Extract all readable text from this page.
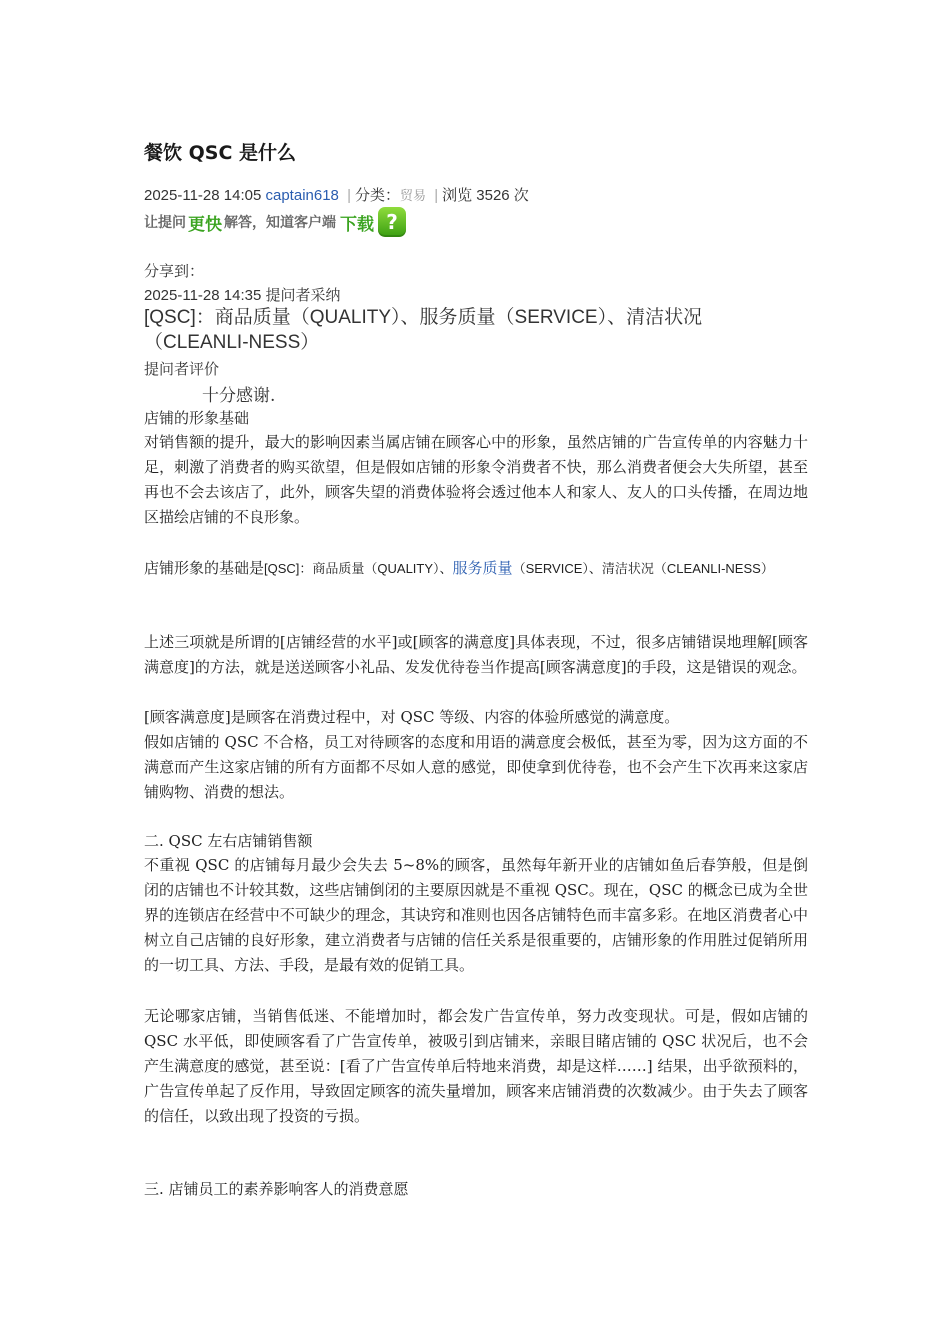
餐饮 QSC 是什么
2025-11-28 14:05 captain618 | 分类：贸易 | 浏览 3526 次
让提问 更快 解答，知道客户端 下载 ?
分享到：
2025-11-28 14:35 提问者采纳
[QSC]：商品质量（QUALITY）、服务质量（SERVICE）、清洁状况（CLEANLI-NESS）
提问者评价
十分感谢.
店铺的形象基础
对销售额的提升，最大的影响因素当属店铺在顾客心中的形象，虽然店铺的广告宣传单的内容魅力十足，刺激了消费者的购买欲望，但是假如店铺的形象令消费者不快，那么消费者便会大失所望，甚至再也不会去该店了，此外，顾客失望的消费体验将会透过他本人和家人、友人的口头传播，在周边地区描绘店铺的不良形象。
店铺形象的基础是[QSC]：商品质量（QUALITY）、服务质量（SERVICE）、清洁状况（CLEANLI-NESS）
上述三项就是所谓的[店铺经营的水平]或[顾客的满意度]具体表现，不过，很多店铺错误地理解[顾客满意度]的方法，就是送送顾客小礼品、发发优待卷当作提高[顾客满意度]的手段，这是错误的观念。
[顾客满意度]是顾客在消费过程中，对 QSC 等级、内容的体验所感觉的满意度。
假如店铺的 QSC 不合格，员工对待顾客的态度和用语的满意度会极低，甚至为零，因为这方面的不满意而产生这家店铺的所有方面都不尽如人意的感觉，即使拿到优待卷，也不会产生下次再来这家店铺购物、消费的想法。
二. QSC 左右店铺销售额
不重视 QSC 的店铺每月最少会失去 5~8%的顾客，虽然每年新开业的店铺如鱼后春笋般，但是倒闭的店铺也不计较其数，这些店铺倒闭的主要原因就是不重视 QSC。现在，QSC 的概念已成为全世界的连锁店在经营中不可缺少的理念，其诀窍和准则也因各店铺特色而丰富多彩。在地区消费者心中树立自己店铺的良好形象，建立消费者与店铺的信任关系是很重要的，店铺形象的作用胜过促销所用的一切工具、方法、手段，是最有效的促销工具。
无论哪家店铺，当销售低迷、不能增加时，都会发广告宣传单，努力改变现状。可是，假如店铺的 QSC 水平低，即使顾客看了广告宣传单，被吸引到店铺来，亲眼目睹店铺的 QSC 状况后，也不会产生满意度的感觉，甚至说：[看了广告宣传单后特地来消费，却是这样……] 结果，出乎欲预料的，广告宣传单起了反作用，导致固定顾客的流失量增加，顾客来店铺消费的次数减少。由于失去了顾客的信任，以致出现了投资的亏损。
三. 店铺员工的素养影响客人的消费意愿
